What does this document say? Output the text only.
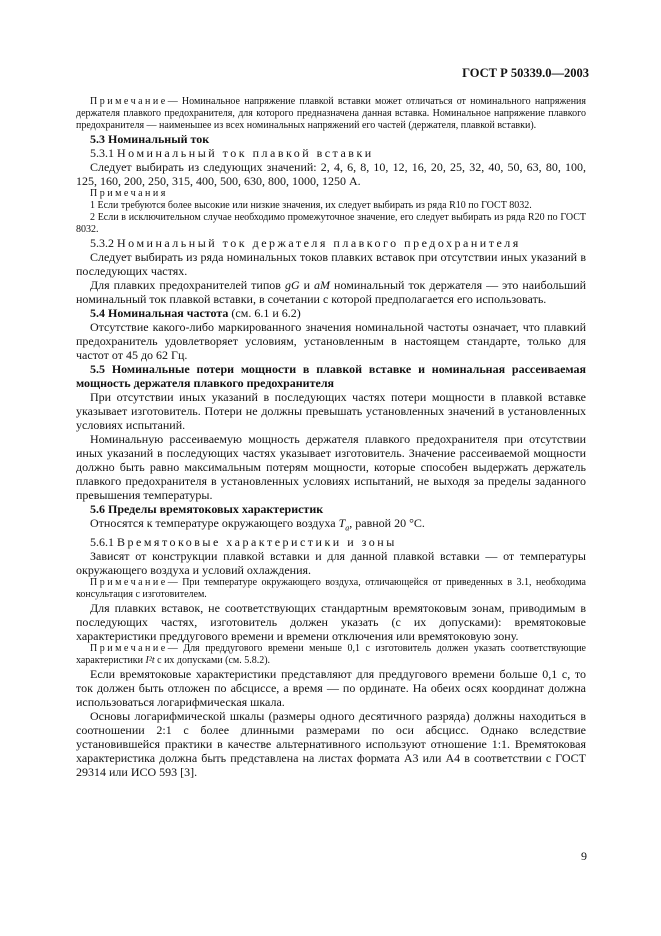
ГОСТ Р 50339.0—2003

Примечание— Номинальное напряжение плавкой вставки может отличаться от номинального напряжения держателя плавкого предохранителя, для которого предназначена данная вставка. Номинальное напряжение плавкого предохранителя — наименьшее из всех номинальных напряжений его частей (держателя, плавкой вставки).

5.3 Номинальный ток

5.3.1 Номинальный ток плавкой вставки

Следует выбирать из следующих значений: 2, 4, 6, 8, 10, 12, 16, 20, 25, 32, 40, 50, 63, 80, 100, 125, 160, 200, 250, 315, 400, 500, 630, 800, 1000, 1250 А.

Примечания

1 Если требуются более высокие или низкие значения, их следует выбирать из ряда R10 по ГОСТ 8032.

2 Если в исключительном случае необходимо промежуточное значение, его следует выбирать из ряда R20 по ГОСТ 8032.

5.3.2 Номинальный ток держателя плавкого предохранителя

Следует выбирать из ряда номинальных токов плавких вставок при отсутствии иных указаний в последующих частях.

Для плавких предохранителей типов gG и aM номинальный ток держателя — это наибольший номинальный ток плавкой вставки, в сочетании с которой предполагается его использовать.

5.4 Номинальная частота (см. 6.1 и 6.2)

Отсутствие какого-либо маркированного значения номинальной частоты означает, что плавкий предохранитель удовлетворяет условиям, установленным в настоящем стандарте, только для частот от 45 до 62 Гц.

5.5 Номинальные потери мощности в плавкой вставке и номинальная рассеиваемая мощность держателя плавкого предохранителя

При отсутствии иных указаний в последующих частях потери мощности в плавкой вставке указывает изготовитель. Потери не должны превышать установленных значений в установленных условиях испытаний.

Номинальную рассеиваемую мощность держателя плавкого предохранителя при отсутствии иных указаний в последующих частях указывает изготовитель. Значение рассеиваемой мощности должно быть равно максимальным потерям мощности, которые способен выдержать держатель плавкого предохранителя в установленных условиях испытаний, не выходя за пределы заданного превышения температуры.

5.6 Пределы времятоковых характеристик

Относятся к температуре окружающего воздуха $T_a$, равной 20 °С.

5.6.1 Времятоковые характеристики и зоны

Зависят от конструкции плавкой вставки и для данной плавкой вставки — от температуры окружающего воздуха и условий охлаждения.

Примечание— При температуре окружающего воздуха, отличающейся от приведенных в 3.1, необходима консультация с изготовителем.

Для плавких вставок, не соответствующих стандартным времятоковым зонам, приводимым в последующих частях, изготовитель должен указать (с их допусками): времятоковые характеристики преддугового времени и времени отключения или времятоковую зону.

Примечание— Для преддугового времени меньше 0,1 с изготовитель должен указать соответствующие характеристики I²t с их допусками (см. 5.8.2).

Если времятоковые характеристики представляют для преддугового времени больше 0,1 с, то ток должен быть отложен по абсциссе, а время — по ординате. На обеих осях координат должна использоваться логарифмическая шкала.

Основы логарифмической шкалы (размеры одного десятичного разряда) должны находиться в соотношении 2:1 с более длинными размерами по оси абсцисс. Однако вследствие установившейся практики в качестве альтернативного используют отношение 1:1. Времятоковая характеристика должна быть представлена на листах формата А3 или А4 в соответствии с ГОСТ 29314 или ИСО 593 [3].

9
